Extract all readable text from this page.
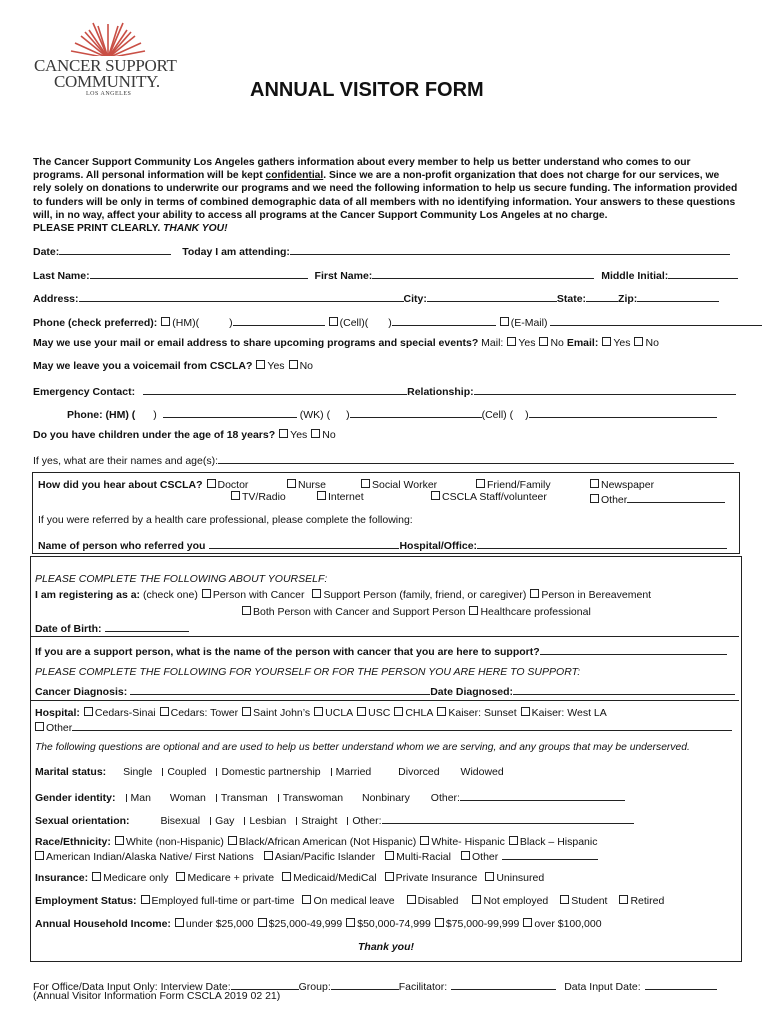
CANCER SUPPORT
COMMUNITY.
LOS ANGELES	ANNUAL VISITOR FORM
The Cancer Support Community Los Angeles gathers information about every member to help us better understand who comes to our programs. All personal information will be kept confidential. Since we are a non-profit organization that does not charge for our services, we rely solely on donations to underwrite our programs and we need the following information to help us secure funding. The information provided to funders will be only in terms of combined demographic data of all members with no identifying information. Your answers to these questions will, in no way, affect your ability to access all programs at the Cancer Support Community Los Angeles at no charge.
PLEASE PRINT CLEARLY. THANK YOU!
Date:	Today I am attending:
Last Name:	First Name:	Middle Initial:
Address:	City:	State:	Zip:
Phone (check preferred): (HM)(	)	(Cell)( )	(E-Mail)
May we use your mail or email address to share upcoming programs and special events? Mail: Yes No Email: Yes No
May we leave you a voicemail from CSCLA? Yes No
Emergency Contact:	Relationship:
Phone: (HM) ( )	(WK) ( )	(Cell) ( )
Do you have children under the age of 18 years? Yes No
If yes, what are their names and age(s):
How did you hear about CSCLA? Doctor	Nurse	Social Worker	Friend/Family	Newspaper
TV/Radio	Internet	CSCLA Staff/volunteer	Other
If you were referred by a health care professional, please complete the following:
Name of person who referred you	Hospital/Office:
PLEASE COMPLETE THE FOLLOWING ABOUT YOURSELF:
I am registering as a: (check one) Person with Cancer Support Person (family, friend, or caregiver) Person in Bereavement
Both Person with Cancer and Support Person Healthcare professional
Date of Birth:
If you are a support person, what is the name of the person with cancer that you are here to support?
PLEASE COMPLETE THE FOLLOWING FOR YOURSELF OR FOR THE PERSON YOU ARE HERE TO SUPPORT:
Cancer Diagnosis:	Date Diagnosed:
Hospital: Cedars-Sinai Cedars: Tower Saint John’s UCLA USC CHLA Kaiser: Sunset Kaiser: West LA
Other
The following questions are optional and are used to help us better understand whom we are serving, and any groups that may be underserved.
Marital status: Single Coupled Domestic partnership Married	Divorced Widowed
Gender identity: Man Woman Transman Transwoman Nonbinary Other:
Sexual orientation:	Bisexual Gay Lesbian Straight Other:
Race/Ethnicity: White (non-Hispanic) Black/African American (Not Hispanic) White- Hispanic Black – Hispanic
American Indian/Alaska Native/ First Nations Asian/Pacific Islander Multi-Racial Other
Insurance: Medicare only Medicare + private Medicaid/MediCal Private Insurance Uninsured
Employment Status: Employed full-time or part-time On medical leave Disabled Not employed Student Retired
Annual Household Income: under $25,000 $25,000-49,999 $50,000-74,999 $75,000-99,999 over $100,000
Thank you!
For Office/Data Input Only: Interview Date:	Group:	Facilitator:	Data Input Date:
(Annual Visitor Information Form CSCLA 2019 02 21)
